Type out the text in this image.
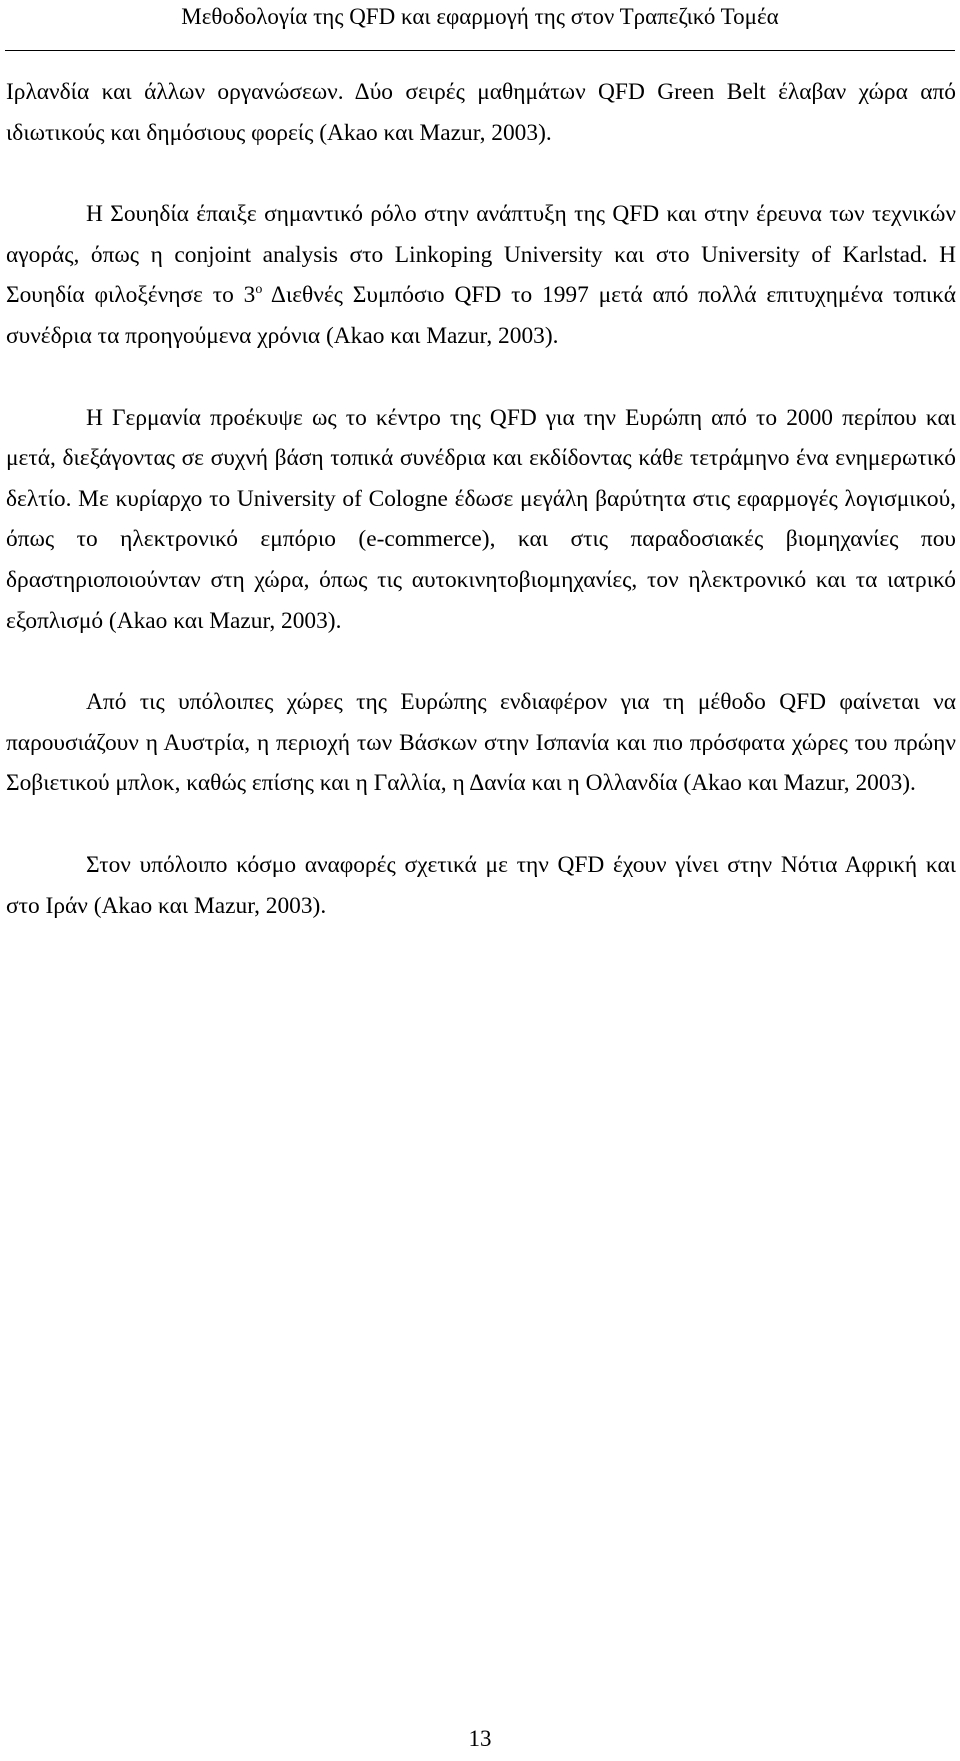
Μεθοδολογία της QFD και εφαρμογή της στον Τραπεζικό Τομέα

Ιρλανδία και άλλων οργανώσεων. Δύο σειρές μαθημάτων QFD Green Belt έλαβαν χώρα από ιδιωτικούς και δημόσιους φορείς (Akao και Mazur, 2003).

Η Σουηδία έπαιξε σημαντικό ρόλο στην ανάπτυξη της QFD και στην έρευνα των τεχνικών αγοράς, όπως η conjoint analysis στο Linkoping University και στο University of Karlstad. Η Σουηδία φιλοξένησε το $3^o$ Διεθνές Συμπόσιο QFD το 1997 μετά από πολλά επιτυχημένα τοπικά συνέδρια τα προηγούμενα χρόνια (Akao και Mazur, 2003).

Η Γερμανία προέκυψε ως το κέντρο της QFD για την Ευρώπη από το 2000 περίπου και μετά, διεξάγοντας σε συχνή βάση τοπικά συνέδρια και εκδίδοντας κάθε τετράμηνο ένα ενημερωτικό δελτίο. Με κυρίαρχο το University of Cologne έδωσε μεγάλη βαρύτητα στις εφαρμογές λογισμικού, όπως το ηλεκτρονικό εμπόριο (e-commerce), και στις παραδοσιακές βιομηχανίες που δραστηριοποιούνταν στη χώρα, όπως τις αυτοκινητοβιομηχανίες, τον ηλεκτρονικό και τα ιατρικό εξοπλισμό (Akao και Mazur, 2003).

Από τις υπόλοιπες χώρες της Ευρώπης ενδιαφέρον για τη μέθοδο QFD φαίνεται να παρουσιάζουν η Αυστρία, η περιοχή των Βάσκων στην Ισπανία και πιο πρόσφατα χώρες του πρώην Σοβιετικού μπλοκ, καθώς επίσης και η Γαλλία, η Δανία και η Ολλανδία (Akao και Mazur, 2003).

Στον υπόλοιπο κόσμο αναφορές σχετικά με την QFD έχουν γίνει στην Νότια Αφρική και στο Ιράν (Akao και Mazur, 2003).

13
